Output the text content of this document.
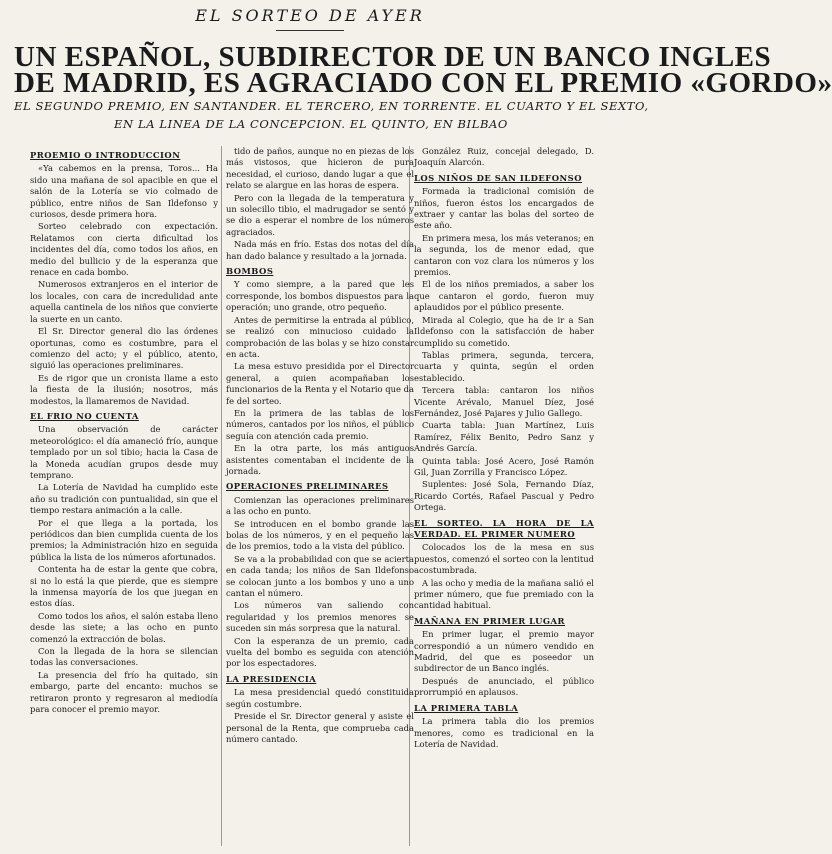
EL SORTEO DE AYER
UN ESPAÑOL, SUBDIRECTOR DE UN BANCO INGLES
DE MADRID, ES AGRACIADO CON EL PREMIO «GORDO»
EL SEGUNDO PREMIO, EN SANTANDER. EL TERCERO, EN TORRENTE. EL CUARTO Y EL SEXTO,
EN LA LINEA DE LA CONCEPCION. EL QUINTO, EN BILBAO
PROEMIO O INTRODUCCION

«Ya cabemos en la prensa, Toros... Ha sido una mañana de sol apacible en que el salón de la Lotería se vio colmado de público, entre niños de San Ildefonso y curiosos, desde primera hora.

Sorteo celebrado con expectación. Relatamos con cierta dificultad los incidentes del día, como todos los años, en medio del bullicio y de la esperanza que renace en cada bombo.

Numerosos extranjeros en el interior de los locales, con cara de incredulidad ante aquella cantinela de los niños que convierte la suerte en un canto.

El Sr. Director general dio las órdenes oportunas, como es costumbre, para el comienzo del acto; y el público, atento, siguió las operaciones preliminares.

Es de rigor que un cronista llame a esto la fiesta de la ilusión; nosotros, más modestos, la llamaremos de Navidad.

EL FRIO NO CUENTA

Una observación de carácter meteorológico: el día amaneció frío, aunque templado por un sol tibio; hacia la Casa de la Moneda acudían grupos desde muy temprano.

La Lotería de Navidad ha cumplido este año su tradición con puntualidad, sin que el tiempo restara animación a la calle.

Por el que llega a la portada, los periódicos dan bien cumplida cuenta de los premios; la Administración hizo en seguida pública la lista de los números afortunados.

Contenta ha de estar la gente que cobra, si no lo está la que pierde, que es siempre la inmensa mayoría de los que juegan en estos días.

Como todos los años, el salón estaba lleno desde las siete; a las ocho en punto comenzó la extracción de bolas.

Con la llegada de la hora se silencian todas las conversaciones.

La presencia del frío ha quitado, sin embargo, parte del encanto: muchos se retiraron pronto y regresaron al mediodía para conocer el premio mayor.

tido de paños, aunque no en piezas de los más vistosos, que hicieron de pura necesidad, el curioso, dando lugar a que el relato se alargue en las horas de espera.

Pero con la llegada de la temperatura y un solecillo tibio, el madrugador se sentó y se dio a esperar el nombre de los números agraciados.

Nada más en frío. Estas dos notas del día han dado balance y resultado a la jornada.

BOMBOS

Y como siempre, a la pared que les corresponde, los bombos dispuestos para la operación; uno grande, otro pequeño.

Antes de permitirse la entrada al público, se realizó con minucioso cuidado la comprobación de las bolas y se hizo constar en acta.

La mesa estuvo presidida por el Director general, a quien acompañaban los funcionarios de la Renta y el Notario que da fe del sorteo.

En la primera de las tablas de los números, cantados por los niños, el público seguía con atención cada premio.

En la otra parte, los más antiguos asistentes comentaban el incidente de la jornada.

OPERACIONES PRELIMINARES

Comienzan las operaciones preliminares a las ocho en punto.

Se introducen en el bombo grande las bolas de los números, y en el pequeño las de los premios, todo a la vista del público.

Se va a la probabilidad con que se acierta en cada tanda; los niños de San Ildefonso se colocan junto a los bombos y uno a uno cantan el número.

Los números van saliendo con regularidad y los premios menores se suceden sin más sorpresa que la natural.

Con la esperanza de un premio, cada vuelta del bombo es seguida con atención por los espectadores.

LA PRESIDENCIA

La mesa presidencial quedó constituida según costumbre.

Preside el Sr. Director general y asiste el personal de la Renta, que comprueba cada número cantado.

González Ruiz, concejal delegado, D. Joaquín Alarcón.

LOS NIÑOS DE SAN ILDEFONSO

Formada la tradicional comisión de niños, fueron éstos los encargados de extraer y cantar las bolas del sorteo de este año.

En primera mesa, los más veteranos; en la segunda, los de menor edad, que cantaron con voz clara los números y los premios.

El de los niños premiados, a saber los que cantaron el gordo, fueron muy aplaudidos por el público presente.

Mirada al Colegio, que ha de ir a San Ildefonso con la satisfacción de haber cumplido su cometido.

Tablas primera, segunda, tercera, cuarta y quinta, según el orden establecido.

Tercera tabla: cantaron los niños Vicente Arévalo, Manuel Díez, José Fernández, José Pajares y Julio Gallego.

Cuarta tabla: Juan Martínez, Luis Ramírez, Félix Benito, Pedro Sanz y Andrés García.

Quinta tabla: José Acero, José Ramón Gil, Juan Zorrilla y Francisco López.

Suplentes: José Sola, Fernando Díaz, Ricardo Cortés, Rafael Pascual y Pedro Ortega.

EL SORTEO. LA HORA DE LA VERDAD. EL PRIMER NUMERO

Colocados los de la mesa en sus puestos, comenzó el sorteo con la lentitud acostumbrada.

A las ocho y media de la mañana salió el primer número, que fue premiado con la cantidad habitual.

MAÑANA EN PRIMER LUGAR

En primer lugar, el premio mayor correspondió a un número vendido en Madrid, del que es poseedor un subdirector de un Banco inglés.

Después de anunciado, el público prorrumpió en aplausos.

LA PRIMERA TABLA

La primera tabla dio los premios menores, como es tradicional en la Lotería de Navidad.
